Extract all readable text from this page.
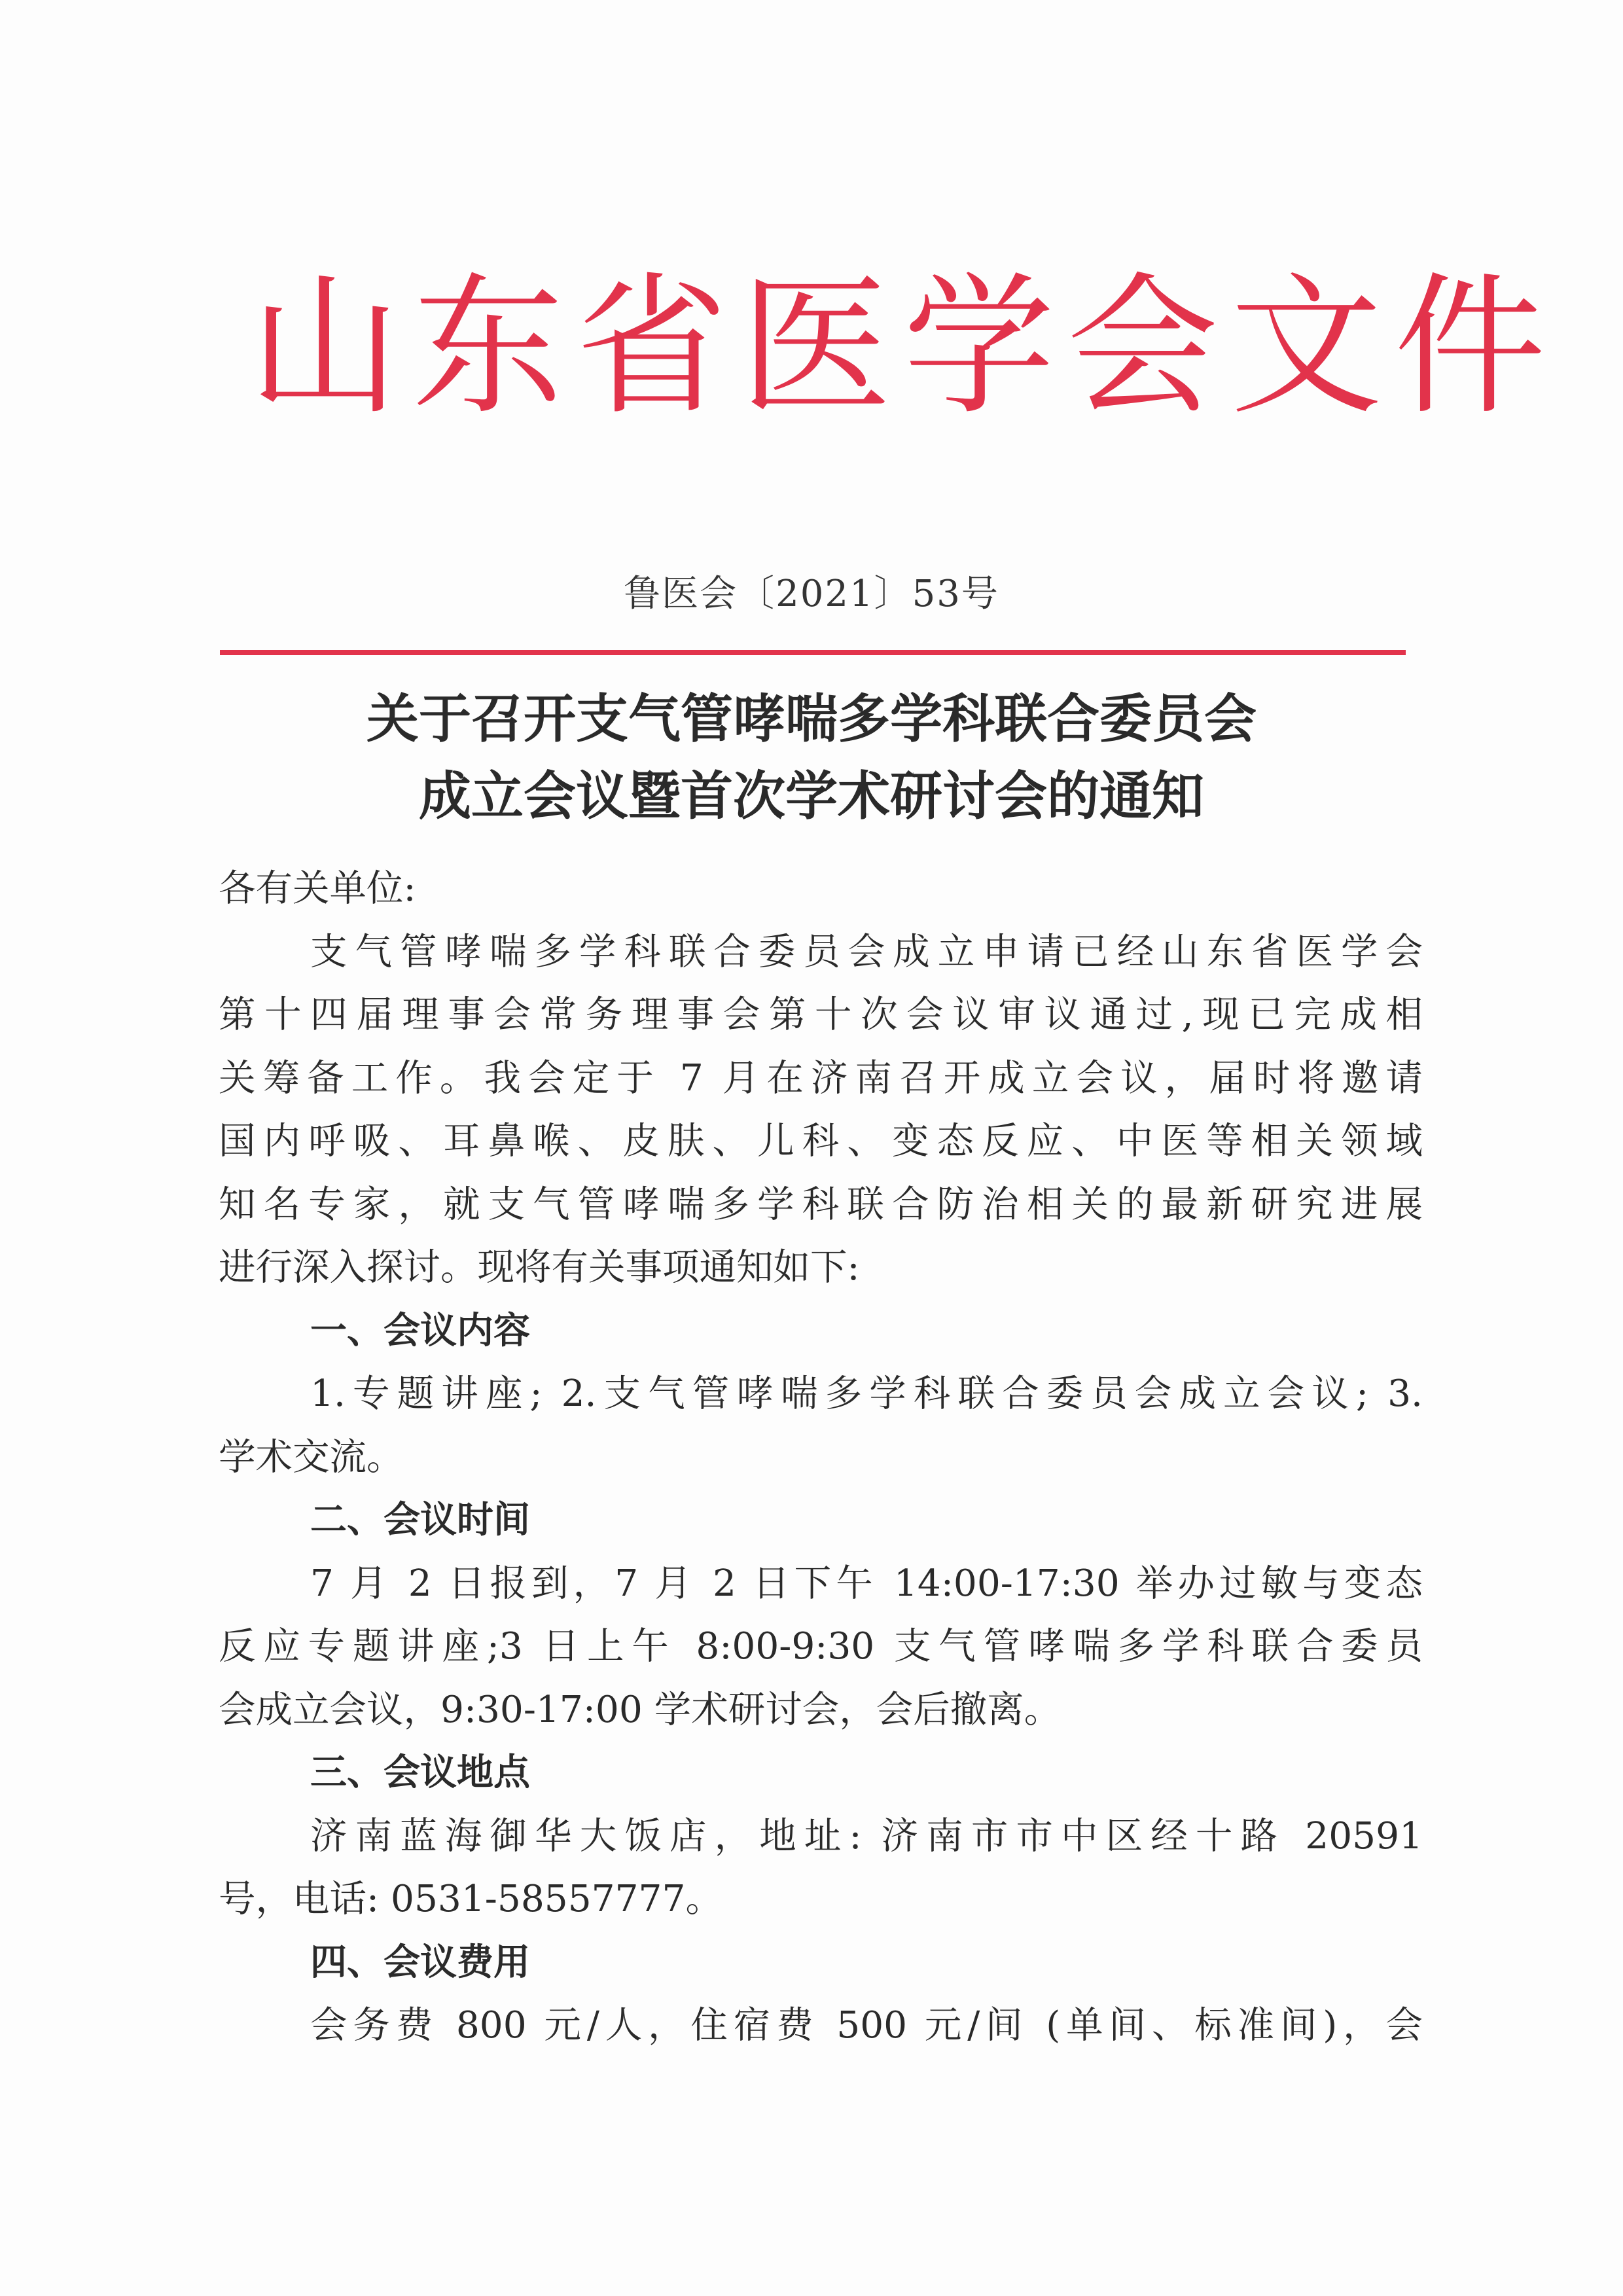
山东省医学会文件
鲁医会〔2021〕53号
关于召开支气管哮喘多学科联合委员会
成立会议暨首次学术研讨会的通知
各有关单位:
支气管哮喘多学科联合委员会成立申请已经山东省医学会
第十四届理事会常务理事会第十次会议审议通过,现已完成相
关筹备工作。我会定于 7 月在济南召开成立会议，届时将邀请
国内呼吸、耳鼻喉、皮肤、儿科、变态反应、中医等相关领域
知名专家，就支气管哮喘多学科联合防治相关的最新研究进展
进行深入探讨。现将有关事项通知如下:
一、会议内容
1.专题讲座; 2.支气管哮喘多学科联合委员会成立会议; 3.
学术交流。
二、会议时间
7 月 2 日报到，7 月 2 日下午 14:00-17:30 举办过敏与变态
反应专题讲座;3 日上午 8:00-9:30 支气管哮喘多学科联合委员
会成立会议，9:30-17:00 学术研讨会，会后撤离。
三、会议地点
济南蓝海御华大饭店，地址: 济南市市中区经十路 20591
号，电话: 0531-58557777。
四、会议费用
会务费 800 元/人，住宿费 500 元/间 (单间、标准间)，会
